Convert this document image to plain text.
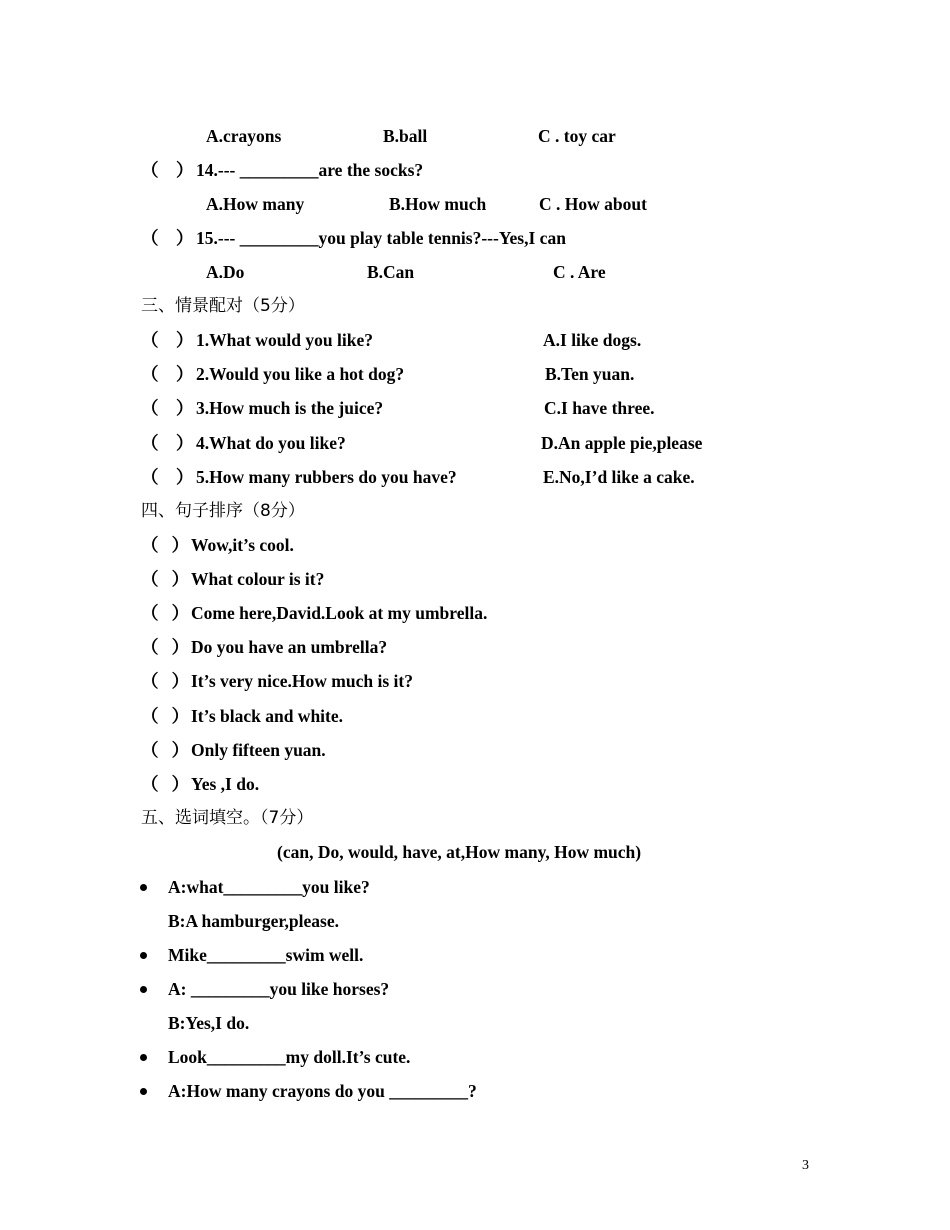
A.crayons	B.ball	C . toy car
（    ） 14.--- _________are the socks?
A.How many	B.How much	C . How about
（    ） 15.--- _________you play table tennis?---Yes,I can
A.Do	B.Can	C . Are
三、情景配对（5分）
（    ） 1.What would you like?	A.I like dogs.
（    ） 2.Would you like a hot dog?	B.Ten yuan.
（    ） 3.How much is the juice?	C.I have three.
（    ） 4.What do you like?	D.An apple pie,please
（    ） 5.How many rubbers do you have?	E.No,I’d like a cake.
四、句子排序（8分）
（   ） Wow,it’s cool.
（   ） What colour is it?
（   ） Come here,David.Look at my umbrella.
（   ） Do you have an umbrella?
（   ） It’s very nice.How much is it?
（   ） It’s black and white.
（   ） Only fifteen yuan.
（   ） Yes ,I do.
五、选词填空。（7分）
(can, Do, would, have, at,How many, How much)
A:what_________you like?
B:A hamburger,please.
Mike_________swim well.
A: _________you like horses?
B:Yes,I do.
Look_________my doll.It’s cute.
A:How many crayons do you _________?
3
